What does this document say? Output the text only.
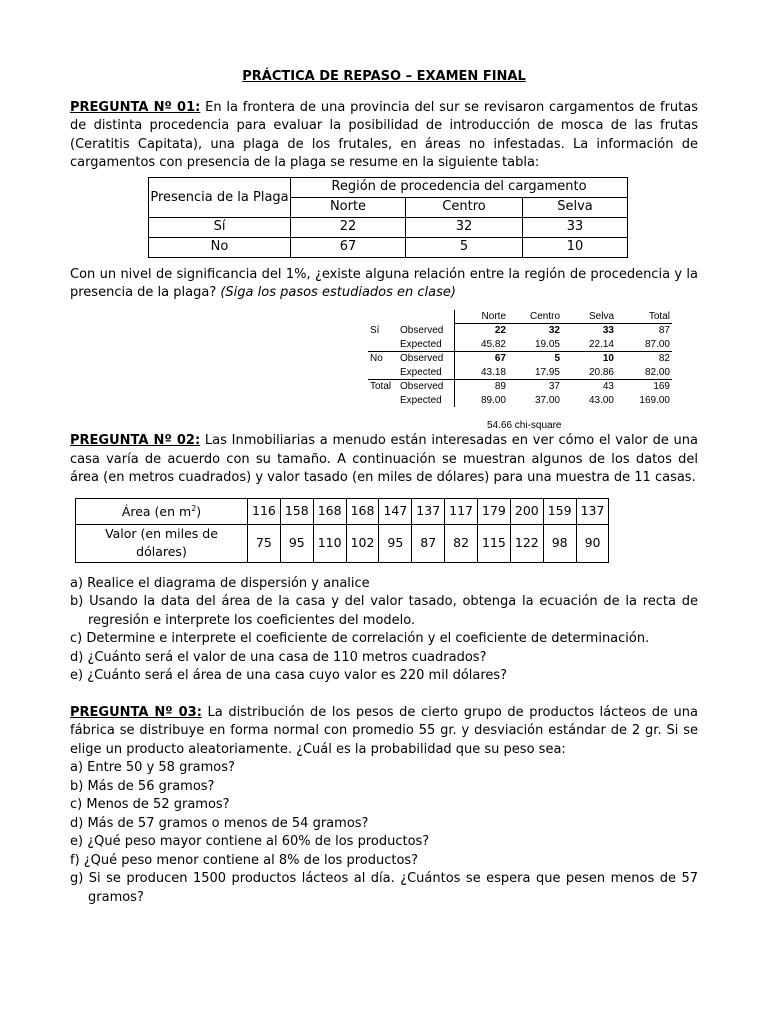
PRÁCTICA DE REPASO – EXAMEN FINAL

PREGUNTA Nº 01: En la frontera de una provincia del sur se revisaron cargamentos de frutas de distinta procedencia para evaluar la posibilidad de introducción de mosca de las frutas (Ceratitis Capitata), una plaga de los frutales, en áreas no infestadas. La información de cargamentos con presencia de la plaga se resume en la siguiente tabla:

Presencia de la Plaga	Región de procedencia del cargamento		
	Norte	Centro	Selva
Sí	22	32	33
No	67	5	10

Con un nivel de significancia del 1%, ¿existe alguna relación entre la región de procedencia y la presencia de la plaga? (Siga los pasos estudiados en clase)

		Norte	Centro	Selva	Total
Sí	Observed	22	32	33	87
	Expected	45.82	19.05	22.14	87.00
No	Observed	67	5	10	82
	Expected	43.18	17.95	20.86	82.00
Total	Observed	89	37	43	169
	Expected	89.00	37.00	43.00	169.00
54.66 chi-square

PREGUNTA Nº 02: Las Inmobiliarias a menudo están interesadas en ver cómo el valor de una casa varía de acuerdo con su tamaño. A continuación se muestran algunos de los datos del área (en metros cuadrados) y valor tasado (en miles de dólares) para una muestra de 11 casas.

Área (en $m^2$)	116	158	168	168	147	137	117	179	200	159	137
Valor (en miles de dólares)	75	95	110	102	95	87	82	115	122	98	90
a) Realice el diagrama de dispersión y analice
b) Usando la data del área de la casa y del valor tasado, obtenga la ecuación de la recta de regresión e interprete los coeficientes del modelo.
c) Determine e interprete el coeficiente de correlación y el coeficiente de determinación.
d) ¿Cuánto será el valor de una casa de 110 metros cuadrados?
e) ¿Cuánto será el área de una casa cuyo valor es 220 mil dólares?

PREGUNTA Nº 03: La distribución de los pesos de cierto grupo de productos lácteos de una fábrica se distribuye en forma normal con promedio 55 gr. y desviación estándar de 2 gr. Si se elige un producto aleatoriamente. ¿Cuál es la probabilidad que su peso sea:

a) Entre 50 y 58 gramos?
b) Más de 56 gramos?
c) Menos de 52 gramos?
d) Más de 57 gramos o menos de 54 gramos?
e) ¿Qué peso mayor contiene al 60% de los productos?
f) ¿Qué peso menor contiene al 8% de los productos?
g) Si se producen 1500 productos lácteos al día. ¿Cuántos se espera que pesen menos de 57 gramos?
